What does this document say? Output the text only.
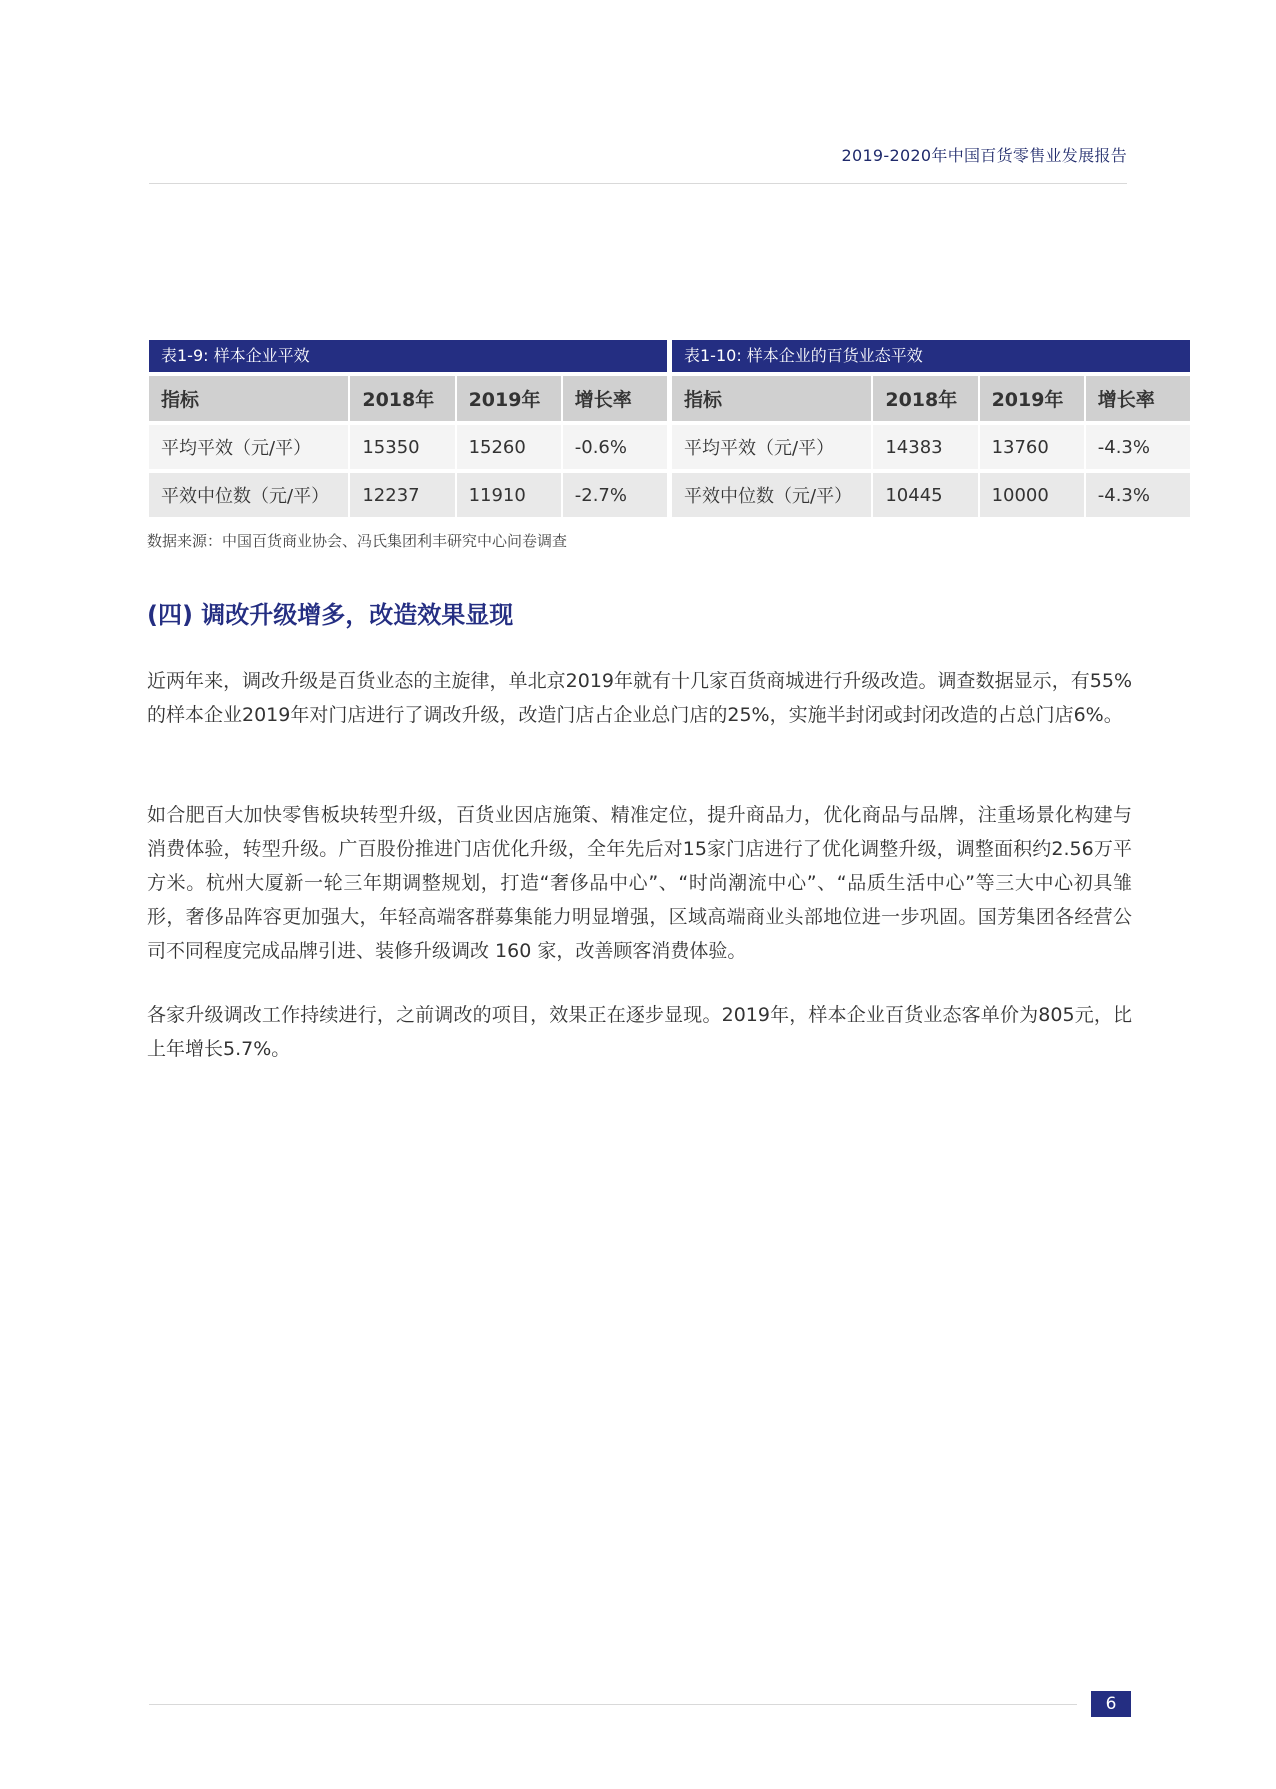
2019-2020年中国百货零售业发展报告
表1-9: 样本企业平效
指标	2018年	2019年	增长率
平均平效（元/平）	15350	15260	-0.6%
平效中位数（元/平）	12237	11910	-2.7%
表1-10: 样本企业的百货业态平效
指标	2018年	2019年	增长率
平均平效（元/平）	14383	13760	-4.3%
平效中位数（元/平）	10445	10000	-4.3%
数据来源：中国百货商业协会、冯氏集团利丰研究中心问卷调查
(四) 调改升级增多，改造效果显现

近两年来，调改升级是百货业态的主旋律，单北京2019年就有十几家百货商城进行升级改造。调查数据显示，有55%的样本企业2019年对门店进行了调改升级，改造门店占企业总门店的25%，实施半封闭或封闭改造的占总门店6%。

如合肥百大加快零售板块转型升级，百货业因店施策、精准定位，提升商品力，优化商品与品牌，注重场景化构建与消费体验，转型升级。广百股份推进门店优化升级，全年先后对15家门店进行了优化调整升级，调整面积约2.56万平方米。杭州大厦新一轮三年期调整规划，打造“奢侈品中心”、“时尚潮流中心”、“品质生活中心”等三大中心初具雏形，奢侈品阵容更加强大，年轻高端客群募集能力明显增强，区域高端商业头部地位进一步巩固。国芳集团各经营公司不同程度完成品牌引进、装修升级调改 160 家，改善顾客消费体验。

各家升级调改工作持续进行，之前调改的项目，效果正在逐步显现。2019年，样本企业百货业态客单价为805元，比上年增长5.7%。

6
